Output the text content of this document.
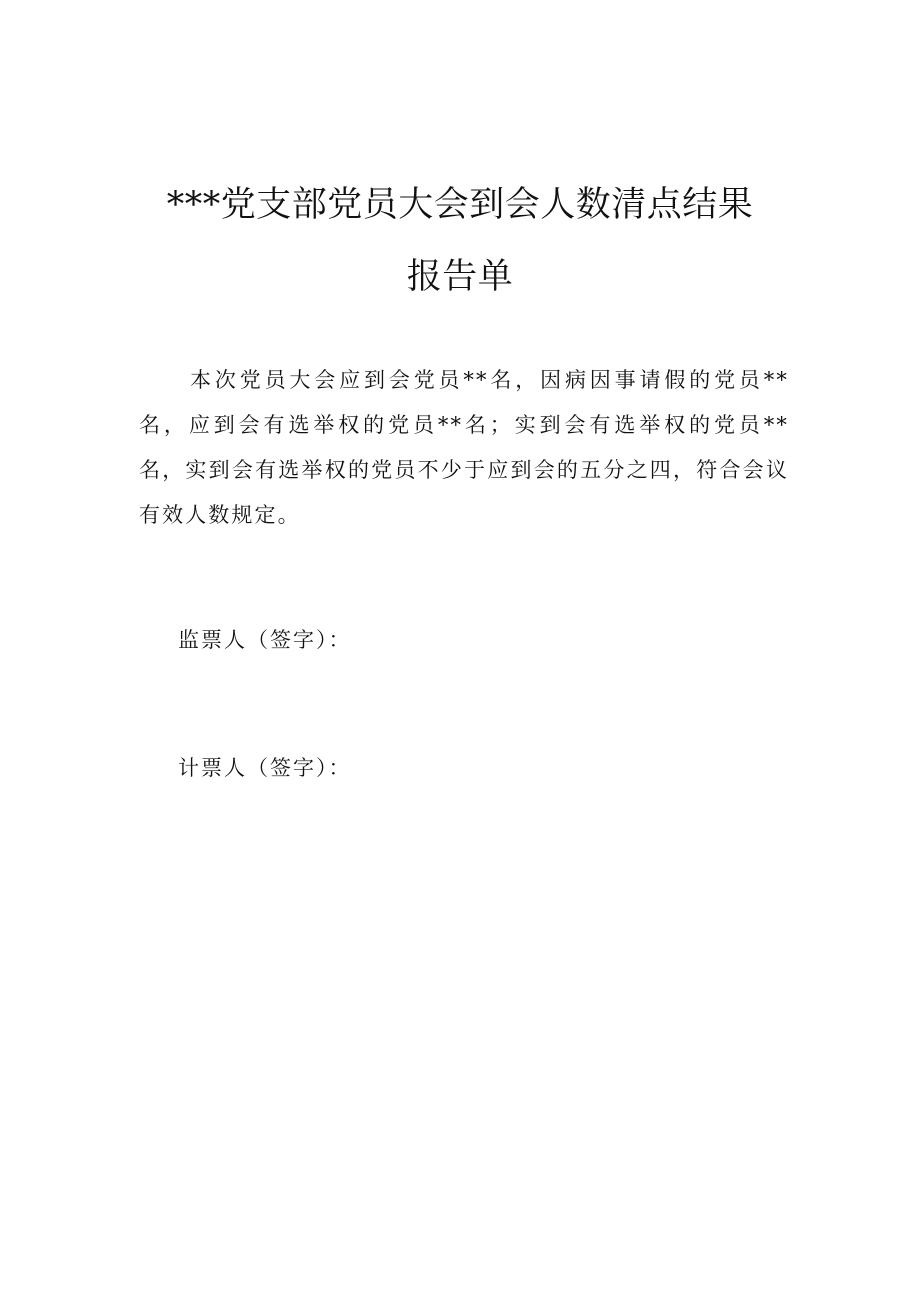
***党支部党员大会到会人数清点结果
报告单
本次党员大会应到会党员**名，因病因事请假的党员**名，应到会有选举权的党员**名；实到会有选举权的党员**名，实到会有选举权的党员不少于应到会的五分之四，符合会议有效人数规定。
监票人（签字）：
计票人（签字）：
